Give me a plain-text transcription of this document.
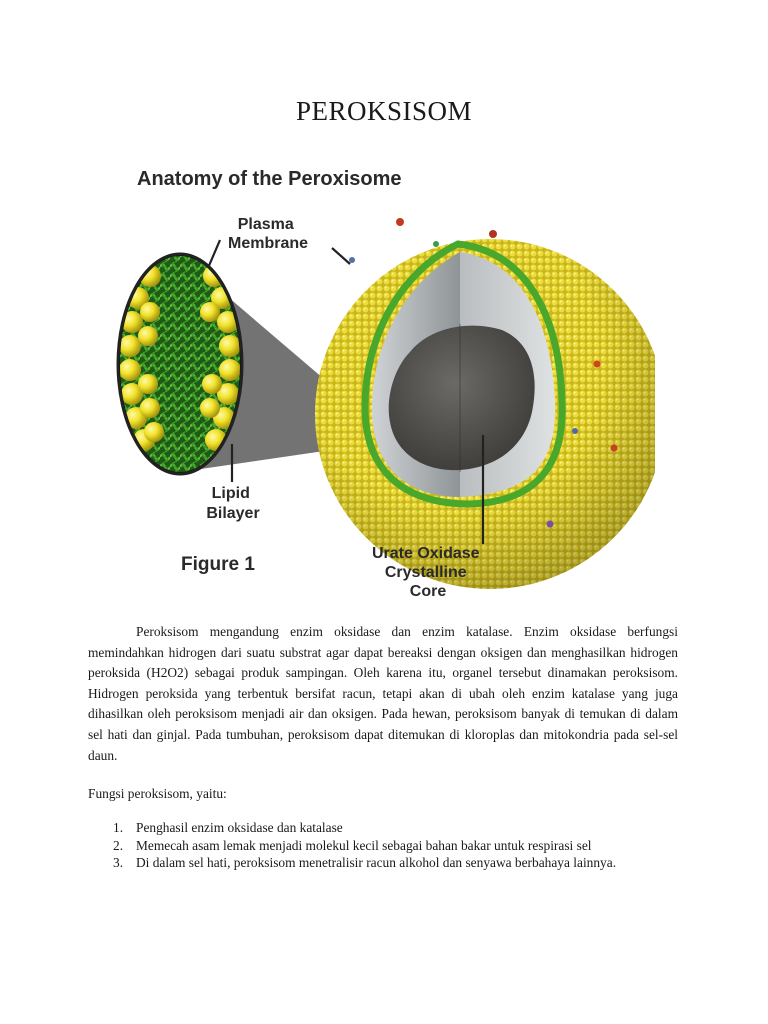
PEROKSISOM
Anatomy of the Peroxisome
Plasma Membrane
Lipid Bilayer
Figure 1
Urate Oxidase Crystalline Core

Peroksisom mengandung enzim oksidase dan enzim katalase. Enzim oksidase berfungsi memindahkan hidrogen dari suatu substrat agar dapat bereaksi dengan oksigen dan menghasilkan hidrogen peroksida (H2O2) sebagai produk sampingan. Oleh karena itu, organel tersebut dinamakan peroksisom. Hidrogen peroksida yang terbentuk bersifat racun, tetapi akan di ubah oleh enzim katalase yang juga dihasilkan oleh peroksisom menjadi air dan oksigen. Pada hewan, peroksisom banyak di temukan di dalam sel hati dan ginjal. Pada tumbuhan, peroksisom dapat ditemukan di kloroplas dan mitokondria pada sel-sel daun.

Fungsi peroksisom, yaitu:

1. Penghasil enzim oksidase dan katalase
2. Memecah asam lemak menjadi molekul kecil sebagai bahan bakar untuk respirasi sel
3. Di dalam sel hati, peroksisom menetralisir racun alkohol dan senyawa berbahaya lainnya.
